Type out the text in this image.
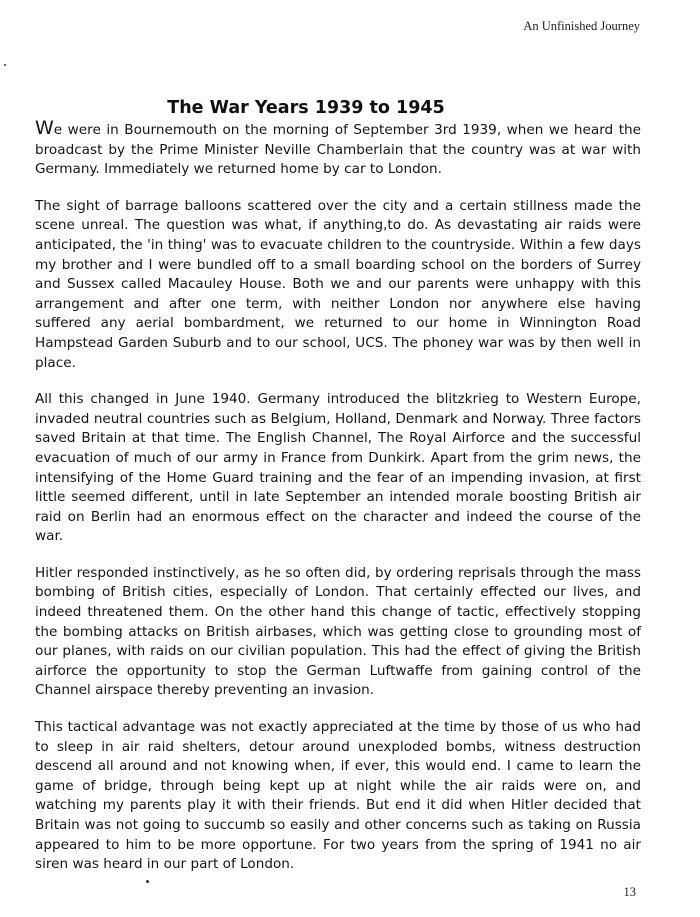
An Unfinished Journey
The War Years 1939 to 1945

We were in Bournemouth on the morning of September 3rd 1939, when we heard the broadcast by the Prime Minister Neville Chamberlain that the country was at war with Germany. Immediately we returned home by car to London.

The sight of barrage balloons scattered over the city and a certain stillness made the scene unreal. The question was what, if anything,to do. As devastating air raids were anticipated, the 'in thing' was to evacuate children to the countryside. Within a few days my brother and I were bundled off to a small boarding school on the borders of Surrey and Sussex called Macauley House. Both we and our parents were unhappy with this arrangement and after one term, with neither London nor anywhere else having suffered any aerial bombardment, we returned to our home in Winnington Road Hampstead Garden Suburb and to our school, UCS. The phoney war was by then well in place.

All this changed in June 1940. Germany introduced the blitzkrieg to Western Europe, invaded neutral countries such as Belgium, Holland, Denmark and Norway. Three factors saved Britain at that time. The English Channel, The Royal Airforce and the successful evacuation of much of our army in France from Dunkirk. Apart from the grim news, the intensifying of the Home Guard training and the fear of an impending invasion, at first little seemed different, until in late September an intended morale boosting British air raid on Berlin had an enormous effect on the character and indeed the course of the war.

Hitler responded instinctively, as he so often did, by ordering reprisals through the mass bombing of British cities, especially of London. That certainly effected our lives, and indeed threatened them. On the other hand this change of tactic, effectively stopping the bombing attacks on British airbases, which was getting close to grounding most of our planes, with raids on our civilian population. This had the effect of giving the British airforce the opportunity to stop the German Luftwaffe from gaining control of the Channel airspace thereby preventing an invasion.

This tactical advantage was not exactly appreciated at the time by those of us who had to sleep in air raid shelters, detour around unexploded bombs, witness destruction descend all around and not knowing when, if ever, this would end. I came to learn the game of bridge, through being kept up at night while the air raids were on, and watching my parents play it with their friends. But end it did when Hitler decided that Britain was not going to succumb so easily and other concerns such as taking on Russia appeared to him to be more opportune. For two years from the spring of 1941 no air siren was heard in our part of London.

13
